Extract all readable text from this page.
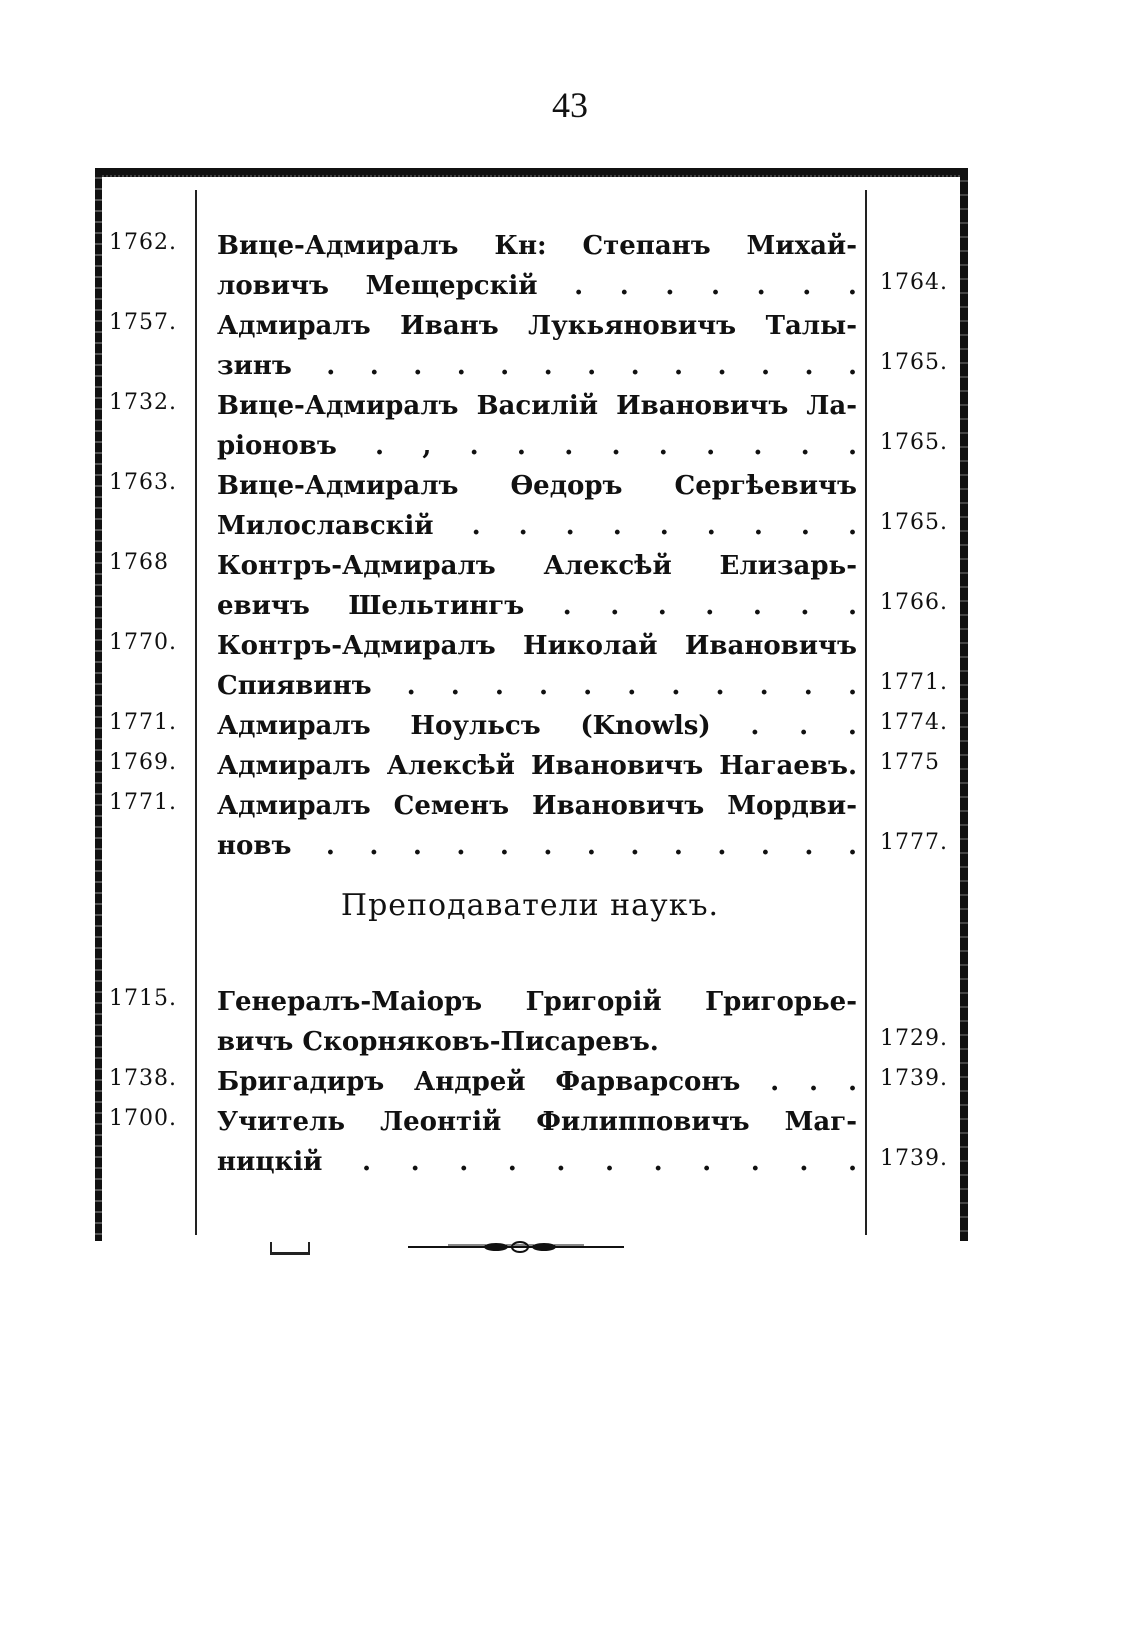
43
1762. Вице-Адмиралъ Кн: Степанъ Михай-
ловичъ Мещерскій . . . . . . . 1764.
1757. Адмиралъ Иванъ Лукьяновичъ Талы-
зинъ . . . . . . . . . . . . . 1765.
1732. Вице-Адмиралъ Василій Ивановичъ Ла-
ріоновъ . , . . . . . . . . . 1765.
1763. Вице-Адмиралъ Өедоръ Сергѣевичъ
Милославскій . . . . . . . . . 1765.
1768 Контръ-Адмиралъ Алексѣй Елизарь-
евичъ Шельтингъ . . . . . . . 1766.
1770. Контръ-Адмиралъ Николай Ивановичъ
Спиявинъ . . . . . . . . . . . 1771.
1771. Адмиралъ Ноульсъ (Knowls) . . . 1774.
1769. Адмиралъ Алексѣй Ивановичъ Нагаевъ. 1775
1771. Адмиралъ Семенъ Ивановичъ Мордви-
новъ . . . . . . . . . . . . . 1777.
Преподаватели наукъ.
1715. Генералъ-Маіоръ Григорій Григорье-
вичъ Скорняковъ-Писаревъ.	1729.
1738. Бригадиръ Андрей Фарварсонъ . . . 1739.
1700. Учитель Леонтій Филипповичъ Маг-
ницкій . . . . . . . . . . . 1739.
